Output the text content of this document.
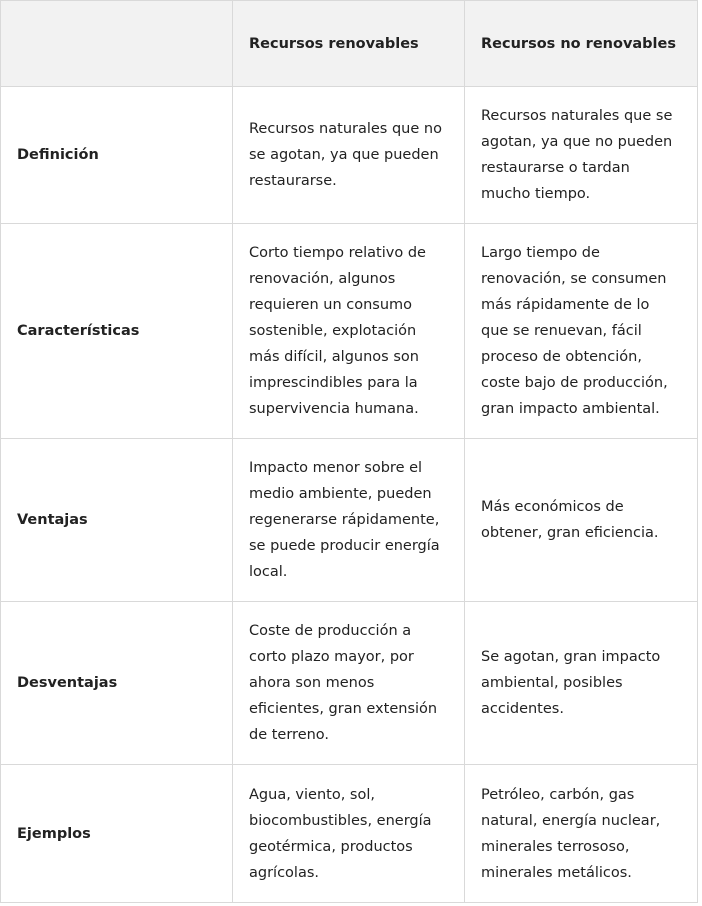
	Recursos renovables	Recursos no renovables
Definición	Recursos naturales que no se agotan, ya que pueden restaurarse.	Recursos naturales que se agotan, ya que no pueden restaurarse o tardan mucho tiempo.
Características	Corto tiempo relativo de renovación, algunos requieren un consumo sostenible, explotación más difícil, algunos son imprescindibles para la supervivencia humana.	Largo tiempo de renovación, se consumen más rápidamente de lo que se renuevan, fácil proceso de obtención, coste bajo de producción, gran impacto ambiental.
Ventajas	Impacto menor sobre el medio ambiente, pueden regenerarse rápidamente, se puede producir energía local.	Más económicos de obtener, gran eficiencia.
Desventajas	Coste de producción a corto plazo mayor, por ahora son menos eficientes, gran extensión de terreno.	Se agotan, gran impacto ambiental, posibles accidentes.
Ejemplos	Agua, viento, sol, biocombustibles, energía geotérmica, productos agrícolas.	Petróleo, carbón, gas natural, energía nuclear, minerales terrososo, minerales metálicos.
